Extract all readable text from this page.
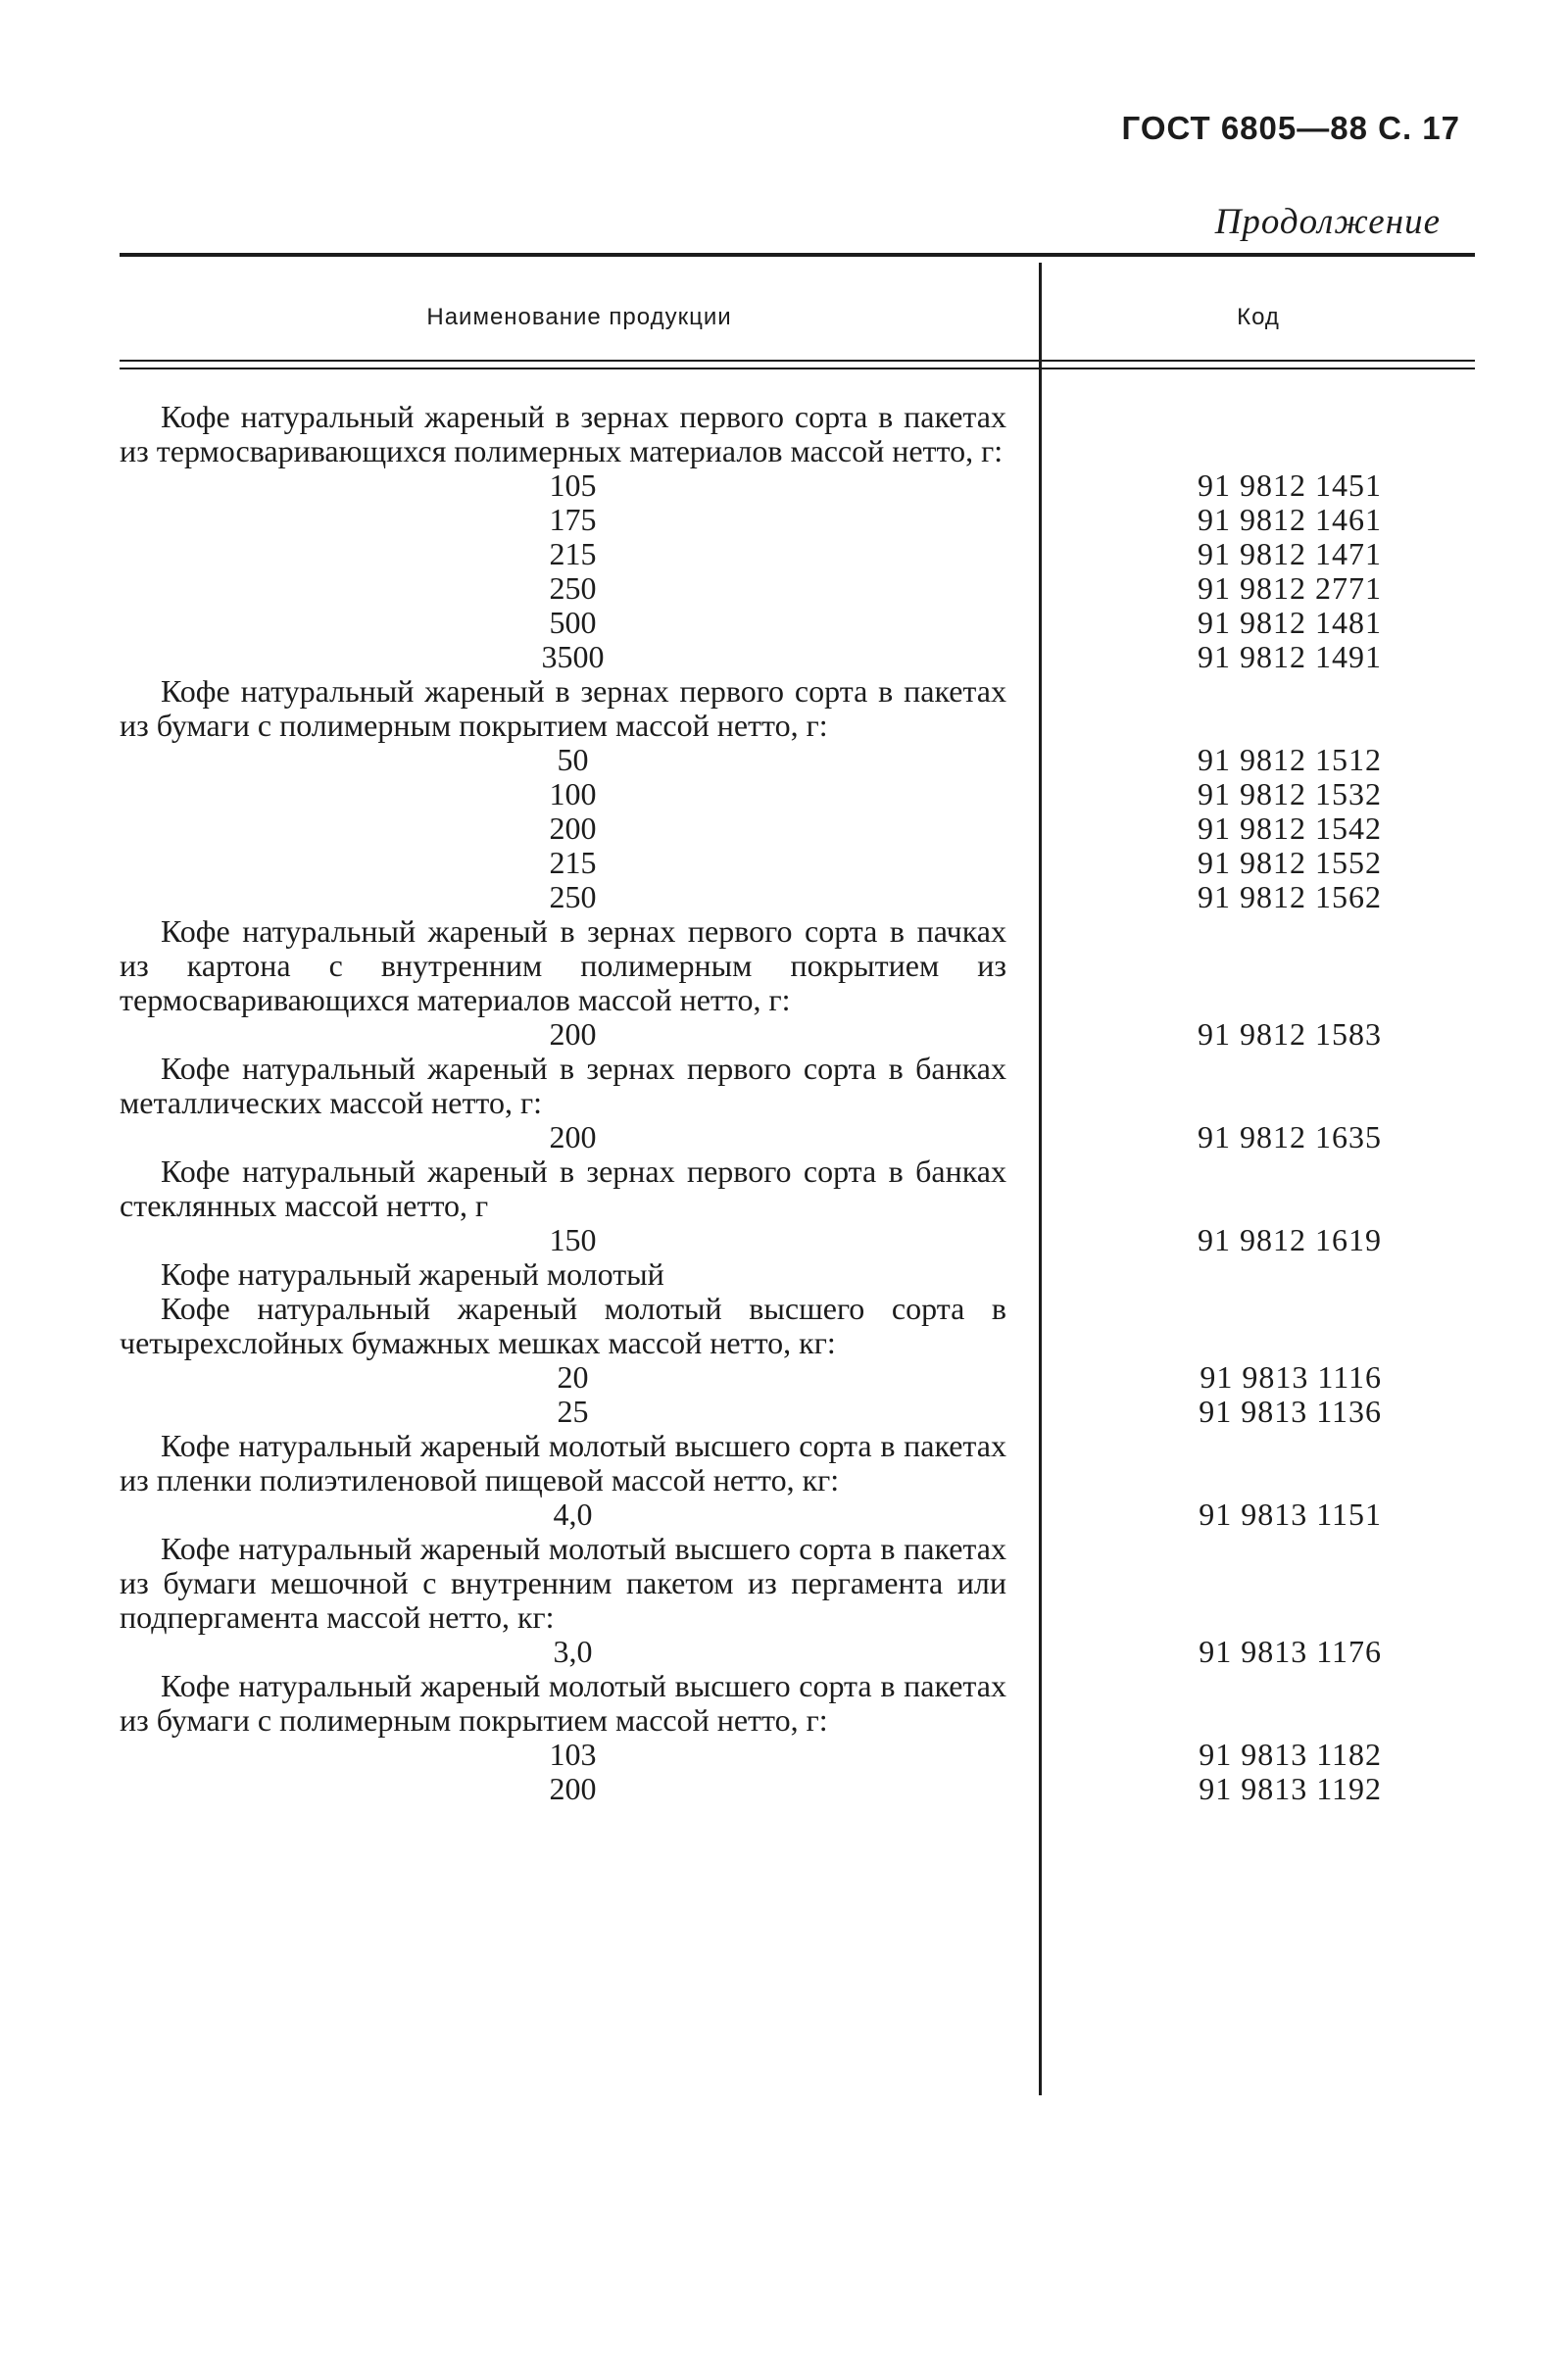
ГОСТ 6805—88 С. 17
Продолжение
Наименование продукции	Код
Кофе натуральный жареный в зернах первого сорта в пакетах из термосваривающихся полимерных материалов массой нетто, г:
105	91 9812 1451
175	91 9812 1461
215	91 9812 1471
250	91 9812 2771
500	91 9812 1481
3500	91 9812 1491
Кофе натуральный жареный в зернах первого сорта в пакетах из бумаги с полимерным покрытием массой нетто, г:
50	91 9812 1512
100	91 9812 1532
200	91 9812 1542
215	91 9812 1552
250	91 9812 1562
Кофе натуральный жареный в зернах первого сорта в пачках из картона с внутренним полимерным покрытием из термосваривающихся материалов массой нетто, г:
200	91 9812 1583
Кофе натуральный жареный в зернах первого сорта в банках металлических массой нетто, г:
200	91 9812 1635
Кофе натуральный жареный в зернах первого сорта в банках стеклянных массой нетто, г
150	91 9812 1619
Кофе натуральный жареный молотый
Кофе натуральный жареный молотый высшего сорта в четырехслойных бумажных мешках массой нетто, кг:
20	91 9813 1116
25	91 9813 1136
Кофе натуральный жареный молотый высшего сорта в пакетах из пленки полиэтиленовой пищевой массой нетто, кг:
4,0	91 9813 1151
Кофе натуральный жареный молотый высшего сорта в пакетах из бумаги мешочной с внутренним пакетом из пергамента или подпергамента массой нетто, кг:
3,0	91 9813 1176
Кофе натуральный жареный молотый высшего сорта в пакетах из бумаги с полимерным покрытием массой нетто, г:
103	91 9813 1182
200	91 9813 1192
